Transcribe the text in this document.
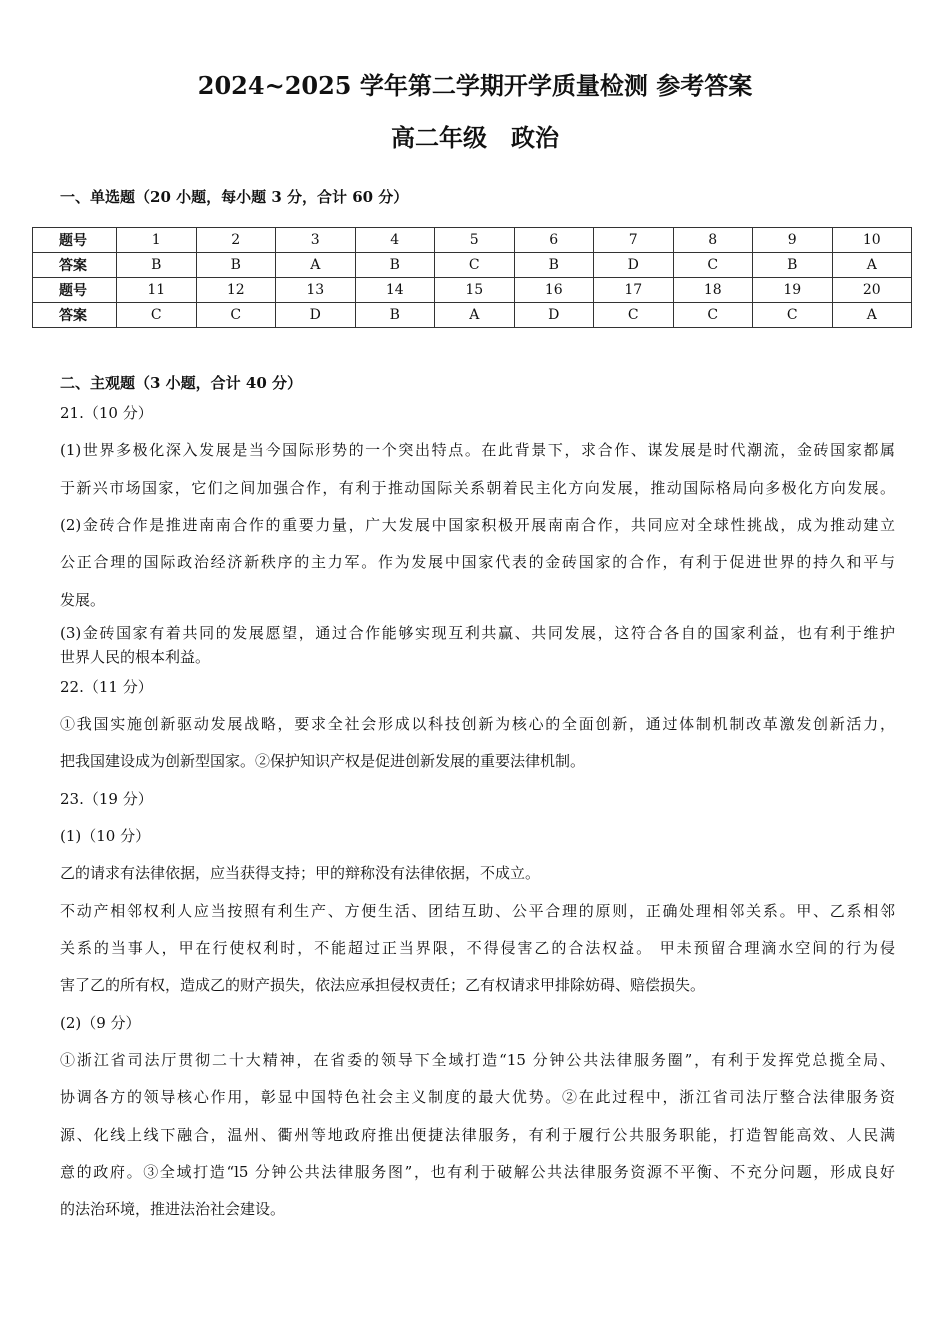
2024~2025 学年第二学期开学质量检测 参考答案
高二年级　政治
一、单选题（20 小题，每小题 3 分，合计 60 分）
题号	1	2	3	4	5	6	7	8	9	10
答案	B	B	A	B	C	B	D	C	B	A
题号	11	12	13	14	15	16	17	18	19	20
答案	C	C	D	B	A	D	C	C	C	A
二、主观题（3 小题，合计 40 分）
21.（10 分）
(1)世界多极化深入发展是当今国际形势的一个突出特点。在此背景下，求合作、谋发展是时代潮流，金砖国家都属
于新兴市场国家，它们之间加强合作，有利于推动国际关系朝着民主化方向发展，推动国际格局向多极化方向发展。
(2)金砖合作是推进南南合作的重要力量，广大发展中国家积极开展南南合作，共同应对全球性挑战，成为推动建立
公正合理的国际政治经济新秩序的主力军。作为发展中国家代表的金砖国家的合作，有利于促进世界的持久和平与
发展。
(3)金砖国家有着共同的发展愿望，通过合作能够实现互利共赢、共同发展，这符合各自的国家利益，也有利于维护
世界人民的根本利益。
22.（11 分）
①我国实施创新驱动发展战略，要求全社会形成以科技创新为核心的全面创新，通过体制机制改革激发创新活力，
把我国建设成为创新型国家。②保护知识产权是促进创新发展的重要法律机制。
23.（19 分）
(1)（10 分）
乙的请求有法律依据，应当获得支持；甲的辩称没有法律依据，不成立。
不动产相邻权利人应当按照有利生产、方便生活、团结互助、公平合理的原则，正确处理相邻关系。甲、乙系相邻
关系的当事人，甲在行使权利时，不能超过正当界限，不得侵害乙的合法权益。 甲未预留合理滴水空间的行为侵
害了乙的所有权，造成乙的财产损失，依法应承担侵权责任；乙有权请求甲排除妨碍、赔偿损失。
(2)（9 分）
①浙江省司法厅贯彻二十大精神，在省委的领导下全域打造“15 分钟公共法律服务圈”，有利于发挥党总揽全局、
协调各方的领导核心作用，彰显中国特色社会主义制度的最大优势。②在此过程中，浙江省司法厅整合法律服务资
源、化线上线下融合，温州、衢州等地政府推出便捷法律服务，有利于履行公共服务职能，打造智能高效、人民满
意的政府。③全域打造“l5 分钟公共法律服务图”，也有利于破解公共法律服务资源不平衡、不充分问题，形成良好
的法治环境，推进法治社会建设。
